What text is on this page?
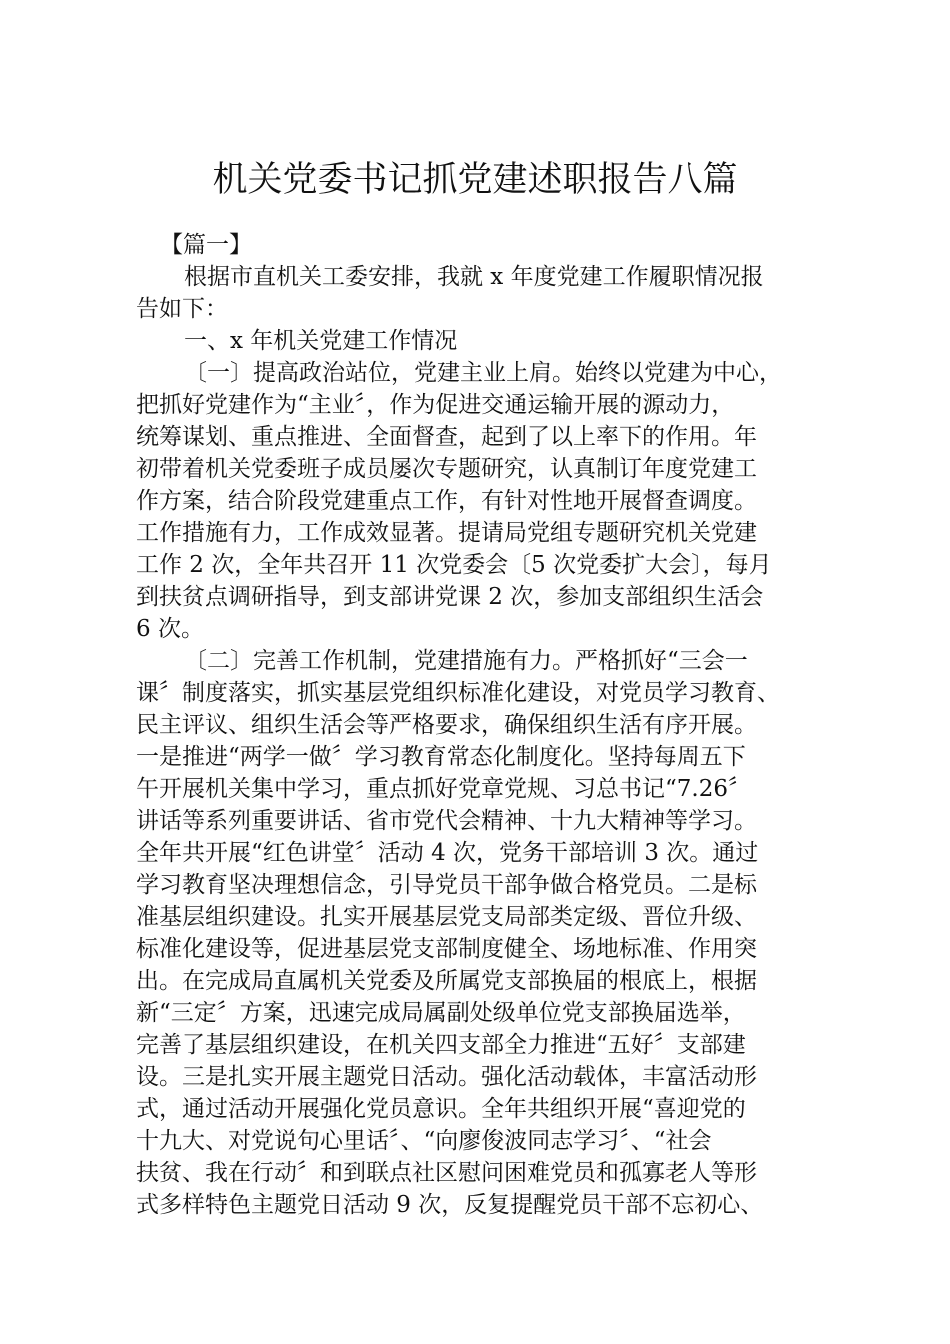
机关党委书记抓党建述职报告八篇
【篇一】
根据市直机关工委安排，我就 x 年度党建工作履职情况报
告如下：
一、x 年机关党建工作情况
〔一〕提高政治站位，党建主业上肩。始终以党建为中心，
把抓好党建作为“主业〞，作为促进交通运输开展的源动力，
统筹谋划、重点推进、全面督查，起到了以上率下的作用。年
初带着机关党委班子成员屡次专题研究，认真制订年度党建工
作方案，结合阶段党建重点工作，有针对性地开展督查调度。
工作措施有力，工作成效显著。提请局党组专题研究机关党建
工作 2 次，全年共召开 11 次党委会〔5 次党委扩大会〕，每月
到扶贫点调研指导，到支部讲党课 2 次，参加支部组织生活会
6 次。
〔二〕完善工作机制，党建措施有力。严格抓好“三会一
课〞制度落实，抓实基层党组织标准化建设，对党员学习教育、
民主评议、组织生活会等严格要求，确保组织生活有序开展。
一是推进“两学一做〞学习教育常态化制度化。坚持每周五下
午开展机关集中学习，重点抓好党章党规、习总书记“7.26〞
讲话等系列重要讲话、省市党代会精神、十九大精神等学习。
全年共开展“红色讲堂〞活动 4 次，党务干部培训 3 次。通过
学习教育坚决理想信念，引导党员干部争做合格党员。二是标
准基层组织建设。扎实开展基层党支局部类定级、晋位升级、
标准化建设等，促进基层党支部制度健全、场地标准、作用突
出。在完成局直属机关党委及所属党支部换届的根底上，根据
新“三定〞方案，迅速完成局属副处级单位党支部换届选举，
完善了基层组织建设，在机关四支部全力推进“五好〞支部建
设。三是扎实开展主题党日活动。强化活动载体，丰富活动形
式，通过活动开展强化党员意识。全年共组织开展“喜迎党的
十九大、对党说句心里话〞、“向廖俊波同志学习〞、“社会
扶贫、我在行动〞和到联点社区慰问困难党员和孤寡老人等形
式多样特色主题党日活动 9 次，反复提醒党员干部不忘初心、
